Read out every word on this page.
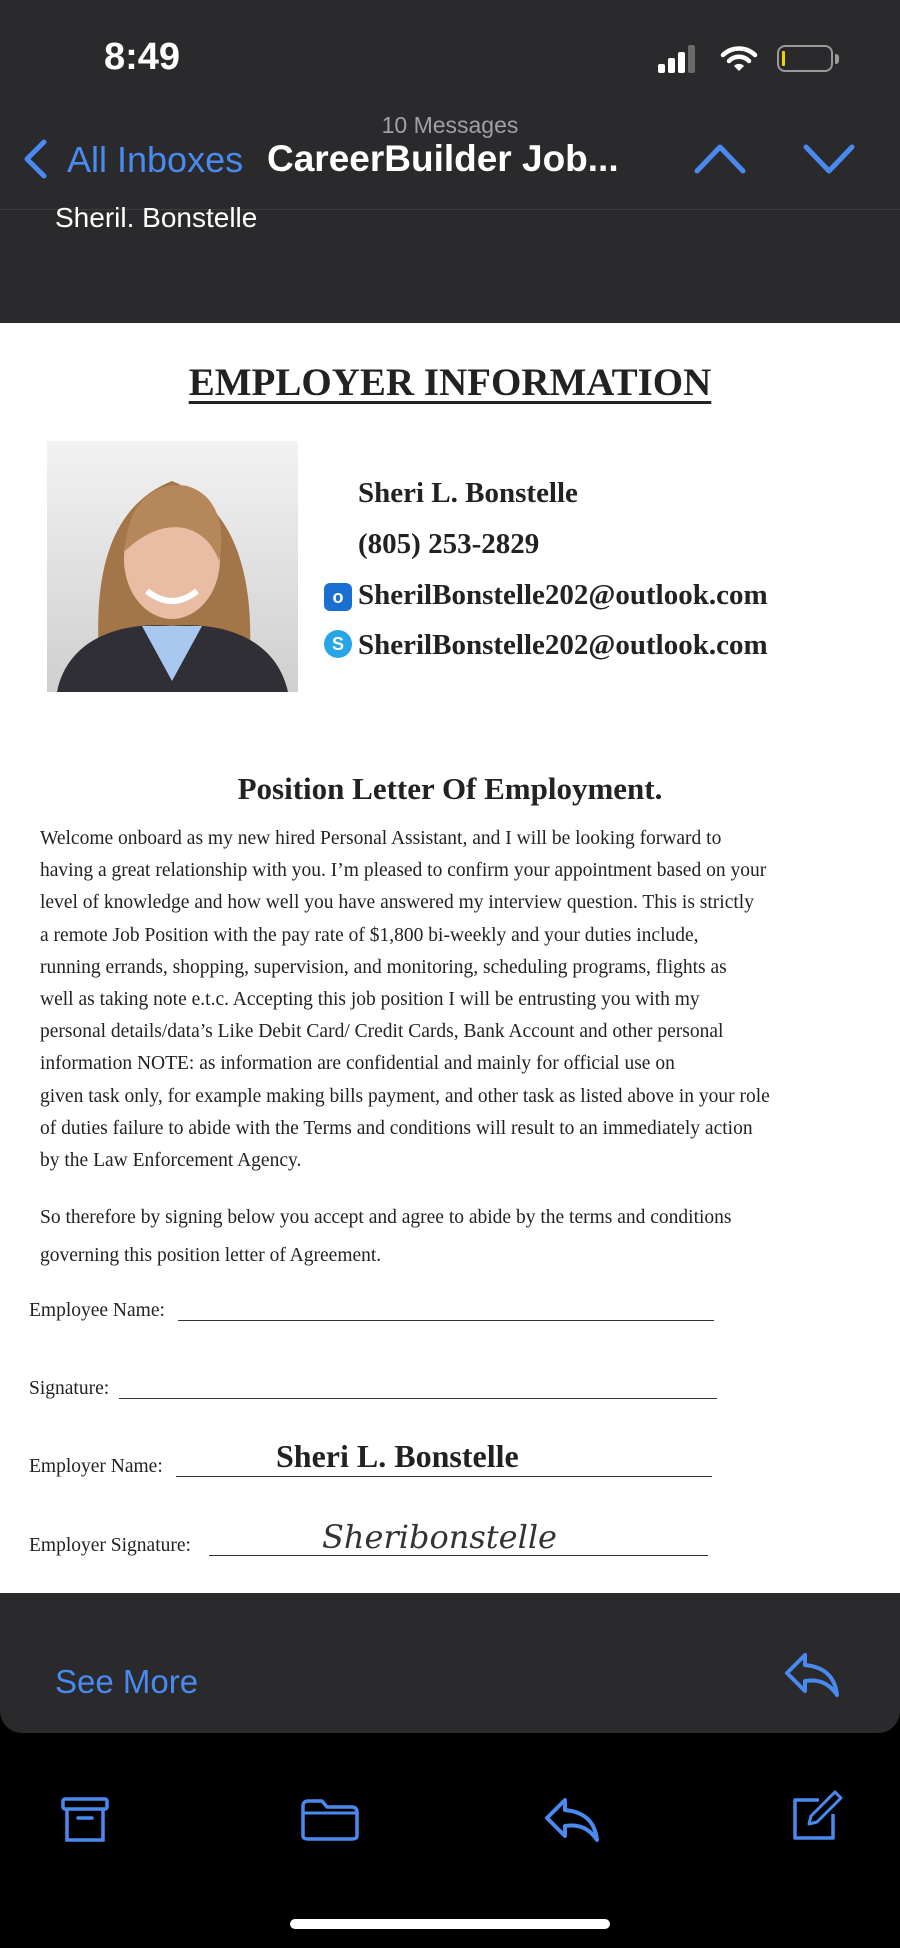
8:49
10 Messages
All Inboxes CareerBuilder Job...
Sheril. Bonstelle
EMPLOYER INFORMATION
Sheri L. Bonstelle
(805) 253-2829
o SherilBonstelle202@outlook.com
S SherilBonstelle202@outlook.com
Position Letter Of Employment.
Welcome onboard as my new hired Personal Assistant, and I will be looking forward to
having a great relationship with you. I’m pleased to confirm your appointment based on your
level of knowledge and how well you have answered my interview question. This is strictly
a remote Job Position with the pay rate of $1,800 bi-weekly and your duties include,
running errands, shopping, supervision, and monitoring, scheduling programs, flights as
well as taking note e.t.c. Accepting this job position I will be entrusting you with my
personal details/data’s Like Debit Card/ Credit Cards, Bank Account and other personal
information NOTE: as information are confidential and mainly for official use on
given task only, for example making bills payment, and other task as listed above in your role
of duties failure to abide with the Terms and conditions will result to an immediately action
by the Law Enforcement Agency.
So therefore by signing below you accept and agree to abide by the terms and conditions
governing this position letter of Agreement.
Employee Name:
Signature:
Employer Name:	Sheri L. Bonstelle
Employer Signature:	Sheribonstelle
See More
